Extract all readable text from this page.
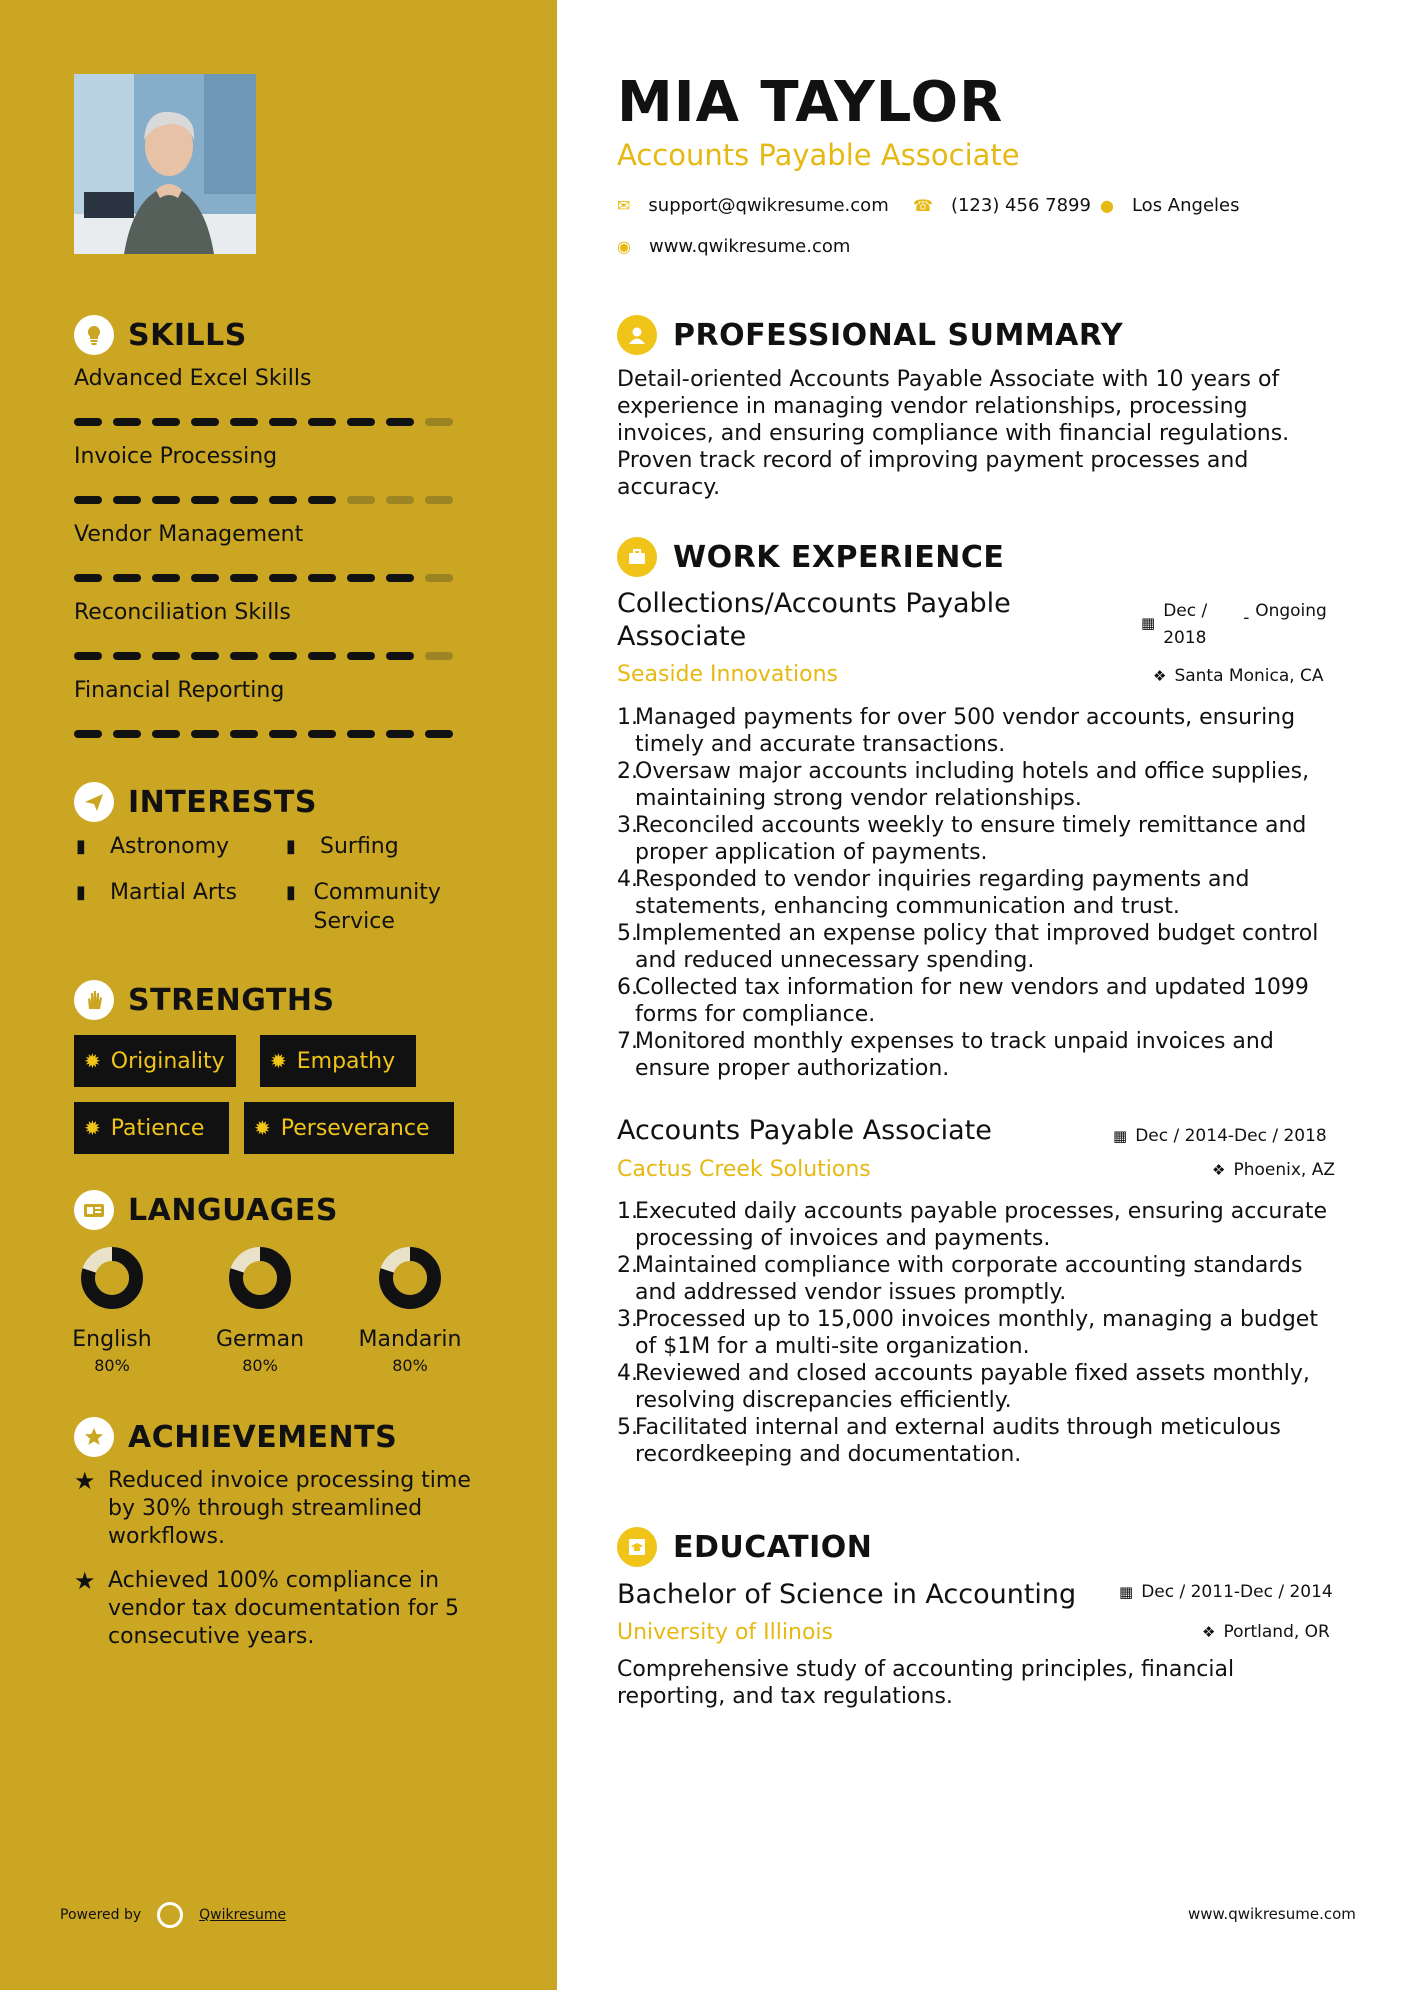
SKILLS
Advanced Excel Skills
Invoice Processing
Vendor Management
Reconciliation Skills
Financial Reporting
INTERESTS
▮	Astronomy	▮	Surfing
▮	Martial Arts	▮ Community Service
STRENGTHS
✹ Originality ✹ Empathy
✹ Patience ✹ Perseverance
LANGUAGES
English
80%
German
80%
Mandarin
80%
ACHIEVEMENTS
★ Reduced invoice processing time by 30% through streamlined workflows.
★ Achieved 100% compliance in vendor tax documentation for 5 consecutive years.
Powered by	Qwikresume
MIA TAYLOR
Accounts Payable Associate
✉ support@qwikresume.com ☎ (123) 456 7899 ● Los Angeles
◉ www.qwikresume.com
PROFESSIONAL SUMMARY
Detail-oriented Accounts Payable Associate with 10 years of experience in managing vendor relationships, processing invoices, and ensuring compliance with financial regulations. Proven track record of improving payment processes and accuracy.
WORK EXPERIENCE
Collections/Accounts Payable Associate	▦
Dec / 2018
- Ongoing
Seaside Innovations	❖ Santa Monica, CA
1.
Managed payments for over 500 vendor accounts, ensuring timely and accurate transactions.
2.
Oversaw major accounts including hotels and office supplies, maintaining strong vendor relationships.
3.
Reconciled accounts weekly to ensure timely remittance and proper application of payments.
4.
Responded to vendor inquiries regarding payments and statements, enhancing communication and trust.
5.
Implemented an expense policy that improved budget control and reduced unnecessary spending.
6.
Collected tax information for new vendors and updated 1099 forms for compliance.
7.
Monitored monthly expenses to track unpaid invoices and ensure proper authorization.
Accounts Payable Associate	▦ Dec / 2014-Dec / 2018
Cactus Creek Solutions	❖ Phoenix, AZ
1.
Executed daily accounts payable processes, ensuring accurate processing of invoices and payments.
2.
Maintained compliance with corporate accounting standards and addressed vendor issues promptly.
3.
Processed up to 15,000 invoices monthly, managing a budget of $1M for a multi-site organization.
4.
Reviewed and closed accounts payable fixed assets monthly, resolving discrepancies efficiently.
5.
Facilitated internal and external audits through meticulous recordkeeping and documentation.
EDUCATION
Bachelor of Science in Accounting	▦ Dec / 2011-Dec / 2014
University of Illinois	❖ Portland, OR
Comprehensive study of accounting principles, financial reporting, and tax regulations.
www.qwikresume.com
